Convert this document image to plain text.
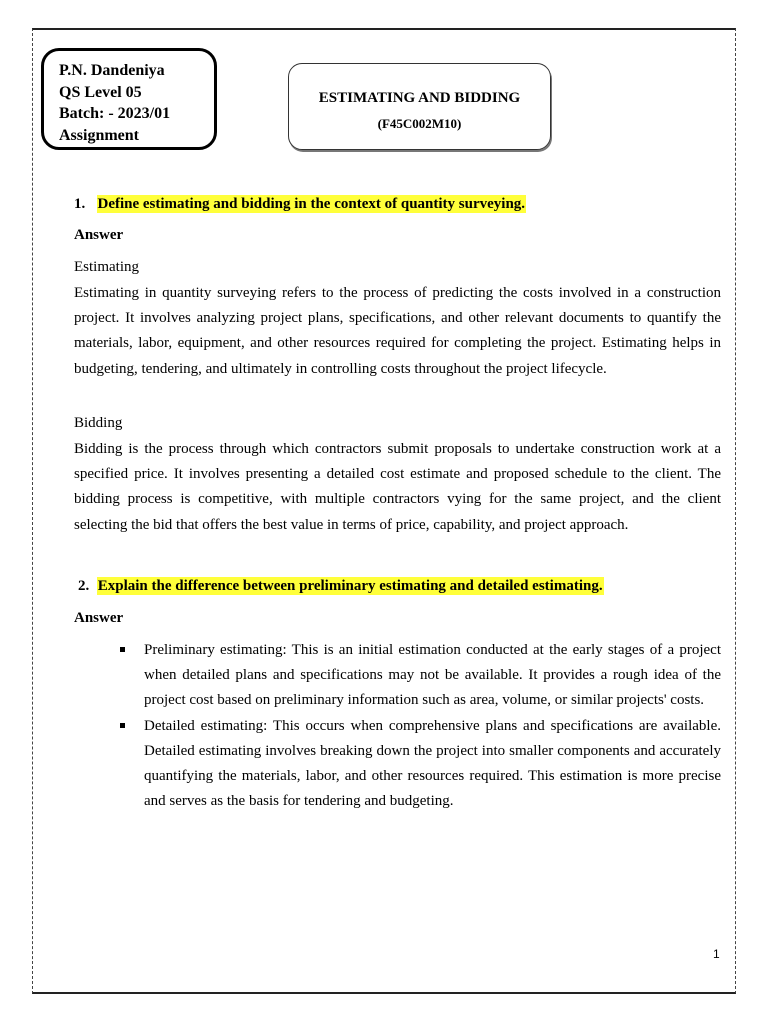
P.N. Dandeniya
QS Level 05
Batch: - 2023/01
Assignment
ESTIMATING AND BIDDING
(F45C002M10)
1. Define estimating and bidding in the context of quantity surveying.
Answer
Estimating

Estimating in quantity surveying refers to the process of predicting the costs involved in a construction project. It involves analyzing project plans, specifications, and other relevant documents to quantify the materials, labor, equipment, and other resources required for completing the project. Estimating helps in budgeting, tendering, and ultimately in controlling costs throughout the project lifecycle.

Bidding

Bidding is the process through which contractors submit proposals to undertake construction work at a specified price. It involves presenting a detailed cost estimate and proposed schedule to the client. The bidding process is competitive, with multiple contractors vying for the same project, and the client selecting the bid that offers the best value in terms of price, capability, and project approach.

2. Explain the difference between preliminary estimating and detailed estimating.
Answer
Preliminary estimating: This is an initial estimation conducted at the early stages of a project when detailed plans and specifications may not be available. It provides a rough idea of the project cost based on preliminary information such as area, volume, or similar projects' costs.
Detailed estimating: This occurs when comprehensive plans and specifications are available. Detailed estimating involves breaking down the project into smaller components and accurately quantifying the materials, labor, and other resources required. This estimation is more precise and serves as the basis for tendering and budgeting.
1
